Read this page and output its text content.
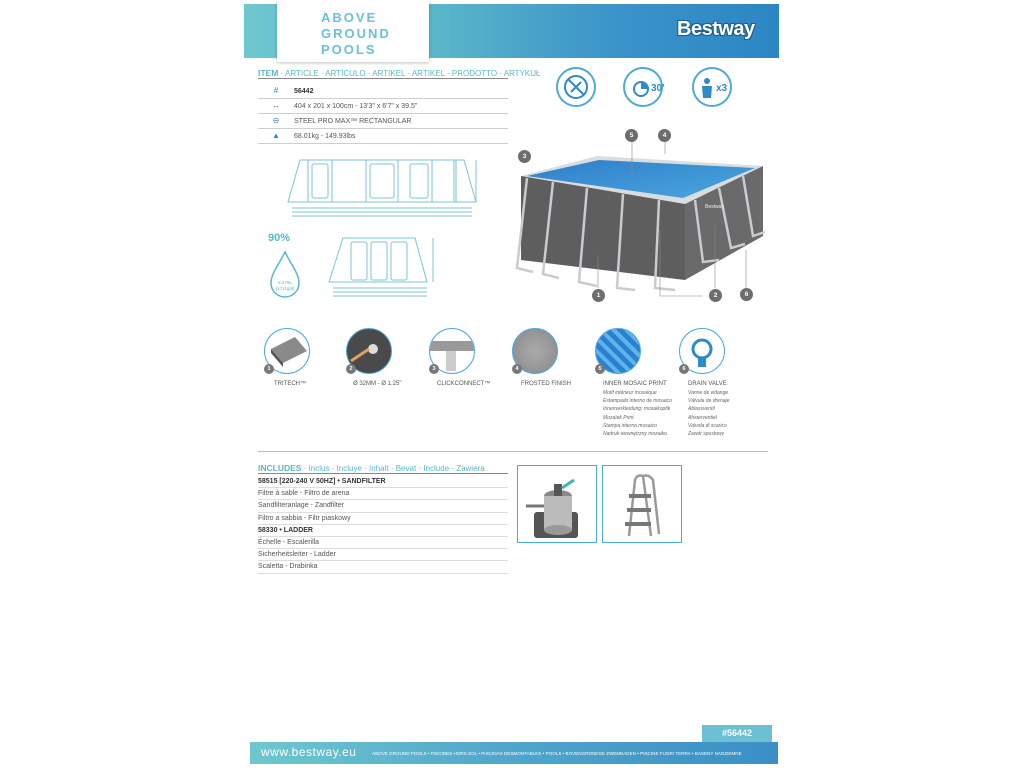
ABOVE
GROUND
POOLS
Bestway
ITEM · ARTICLE · ARTÍCULO · ARTIKEL · ARTIKEL · PRODOTTO · ARTYKUŁ
# 56442
↔ 404 x 201 x 100cm - 13'3" x 6'7" x 39.5"
⊖ STEEL PRO MAX™ RECTANGULAR
▲ 68.01kg - 149.93lbs
90%
6.478L
(1711gal)
30'	x3
Bestway
1	2
3
4
5
6
1	2	3	4	5	6
TRITECH™	Ø 32MM - Ø 1.25"	CLICKCONNECT™	FROSTED FINISH	INNER MOSAIC PRINT	DRAIN VALVE
Motif intérieur mosaïque
Estampado interno de mosaico
Innenverkleidung: mosaikoptik
Mozaïek Print
Stampa interna mosaico
Nadruk wewnętrzny mozaiko
Vanne de vidange
Válvula de drenaje
Ablassventil
Afvoerventiel
Valvola di scarico
Zawór spustowy
INCLUDES · Inclus · Incluye · Inhalt · Bevat · Include · Zawiera
58515 [220-240 V 50HZ] • SANDFILTER
Filtre à sable - Filtro de arena
Sandfilteranlage - Zandfilter
Filtro a sabbia - Filtr piaskowy
58330 • LADDER
Échelle - Escalerilla
Sicherheitsleiter - Ladder
Scaletta - Drabinka
#56442
www.bestway.eu	ABOVE GROUND POOLS • PISCINES HORS SOL • PISCINAS DESMONTABLES • POOLS • BOVENGRONDSE ZWEMBADEN • PISCINE FUORI TERRA • BASENY NADZIEMNE
